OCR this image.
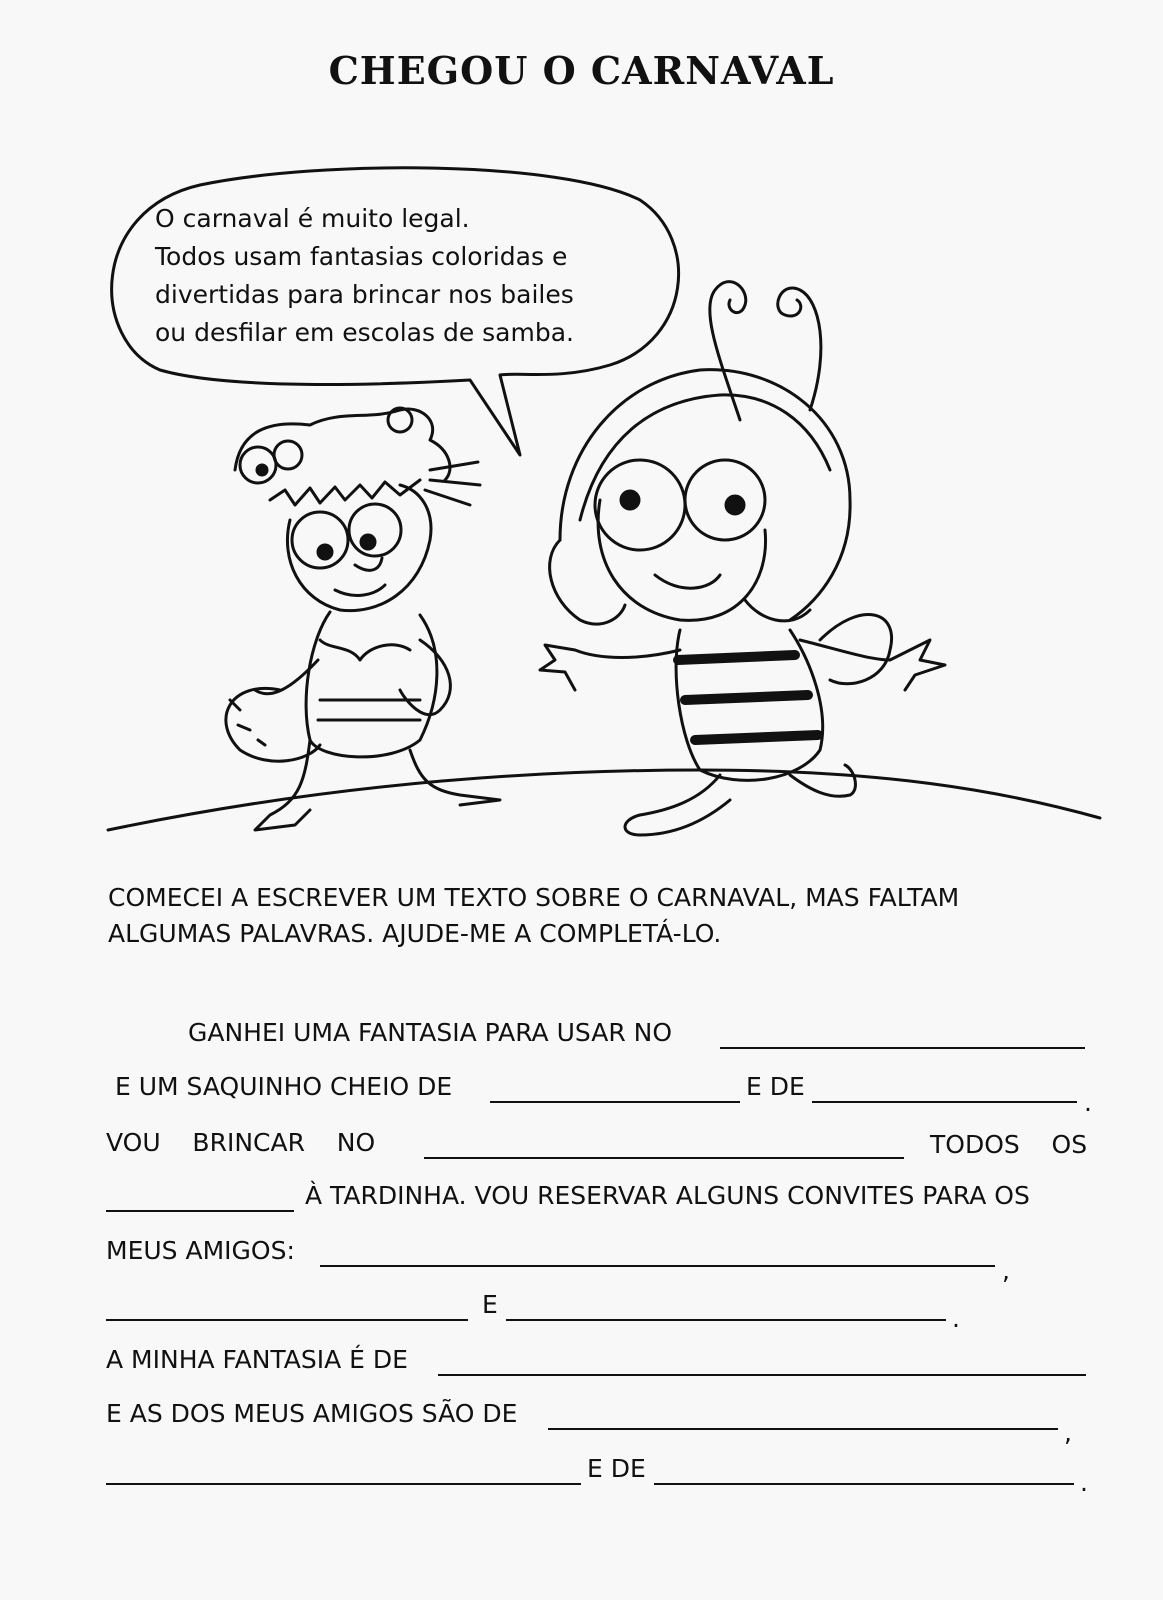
CHEGOU O CARNAVAL
O carnaval é muito legal.
Todos usam fantasias coloridas e
divertidas para brincar nos bailes
ou desfilar em escolas de samba.
COMECEI A ESCREVER UM TEXTO SOBRE O CARNAVAL, MAS FALTAM
ALGUMAS PALAVRAS. AJUDE-ME A COMPLETÁ-LO.
GANHEI UMA FANTASIA PARA USAR NO
E UM SAQUINHO CHEIO DE	E DE
.
VOU    BRINCAR    NO	TODOS    OS
À TARDINHA. VOU RESERVAR ALGUNS CONVITES PARA OS
MEUS AMIGOS:
,
E	.
A MINHA FANTASIA É DE
E AS DOS MEUS AMIGOS SÃO DE
,
E DE	.
